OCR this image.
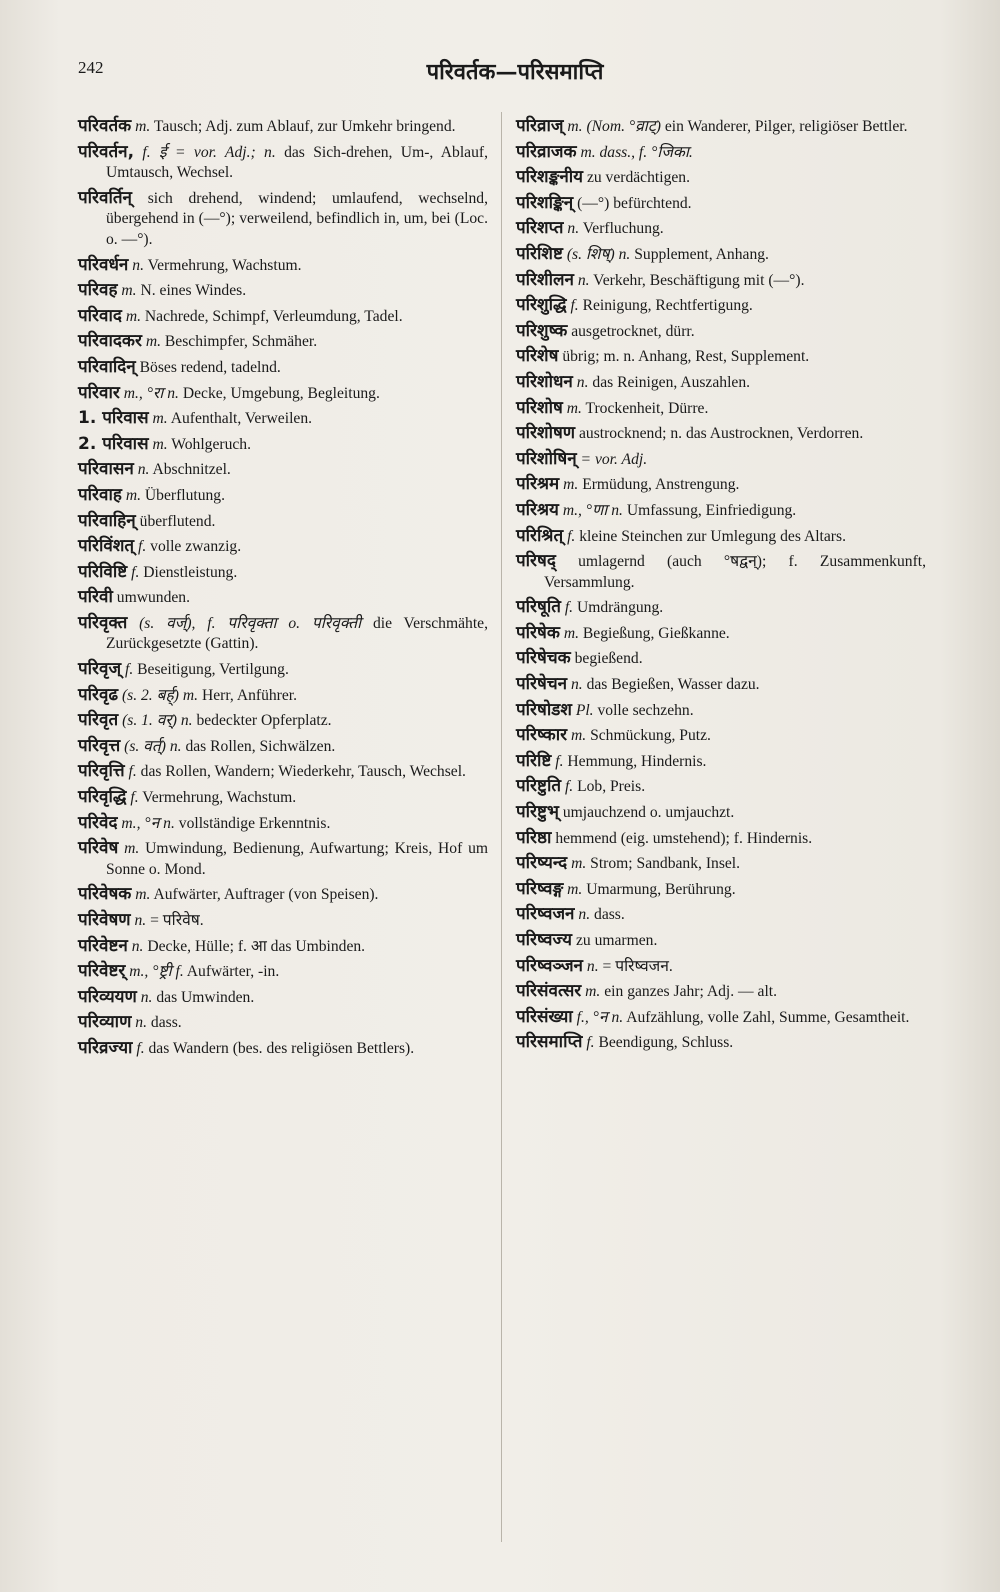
242	परिवर्तक—परिसमाप्ति

परिवर्तक m. Tausch; Adj. zum Ablauf, zur Umkehr bringend.

परिवर्तन, f. ई = vor. Adj.; n. das Sich-drehen, Um-, Ablauf, Umtausch, Wechsel.

परिवर्तिन् sich drehend, windend; umlaufend, wechselnd, übergehend in (—°); verweilend, befindlich in, um, bei (Loc. o. —°).

परिवर्धन n. Vermehrung, Wachstum.

परिवह m. N. eines Windes.

परिवाद m. Nachrede, Schimpf, Verleumdung, Tadel.

परिवादकर m. Beschimpfer, Schmäher.

परिवादिन् Böses redend, tadelnd.

परिवार m., °रा n. Decke, Umgebung, Begleitung.

1. परिवास m. Aufenthalt, Verweilen.

2. परिवास m. Wohlgeruch.

परिवासन n. Abschnitzel.

परिवाह m. Überflutung.

परिवाहिन् überflutend.

परिविंशत् f. volle zwanzig.

परिविष्टि f. Dienstleistung.

परिवी umwunden.

परिवृक्त (s. वर्ज्), f. परिवृक्ता o. परिवृक्ती die Verschmähte, Zurückgesetzte (Gattin).

परिवृज् f. Beseitigung, Vertilgung.

परिवृढ (s. 2. बर्ह्) m. Herr, Anführer.

परिवृत (s. 1. वर्) n. bedeckter Opferplatz.

परिवृत्त (s. वर्त्) n. das Rollen, Sichwälzen.

परिवृत्ति f. das Rollen, Wandern; Wiederkehr, Tausch, Wechsel.

परिवृद्धि f. Vermehrung, Wachstum.

परिवेद m., °न n. vollständige Erkenntnis.

परिवेष m. Umwindung, Bedienung, Aufwartung; Kreis, Hof um Sonne o. Mond.

परिवेषक m. Aufwärter, Auftrager (von Speisen).

परिवेषण n. = परिवेष.

परिवेष्टन n. Decke, Hülle; f. आ das Umbinden.

परिवेष्टर् m., °ष्ट्री f. Aufwärter, -in.

परिव्ययण n. das Umwinden.

परिव्याण n. dass.

परिव्रज्या f. das Wandern (bes. des religiösen Bettlers).

परिव्राज् m. (Nom. °व्राट्) ein Wanderer, Pilger, religiöser Bettler.

परिव्राजक m. dass., f. °जिका.

परिशङ्कनीय zu verdächtigen.

परिशङ्किन् (—°) befürchtend.

परिशप्त n. Verfluchung.

परिशिष्ट (s. शिष्) n. Supplement, Anhang.

परिशीलन n. Verkehr, Beschäftigung mit (—°).

परिशुद्धि f. Reinigung, Rechtfertigung.

परिशुष्क ausgetrocknet, dürr.

परिशेष übrig; m. n. Anhang, Rest, Supplement.

परिशोधन n. das Reinigen, Auszahlen.

परिशोष m. Trockenheit, Dürre.

परिशोषण austrocknend; n. das Austrocknen, Verdorren.

परिशोषिन् = vor. Adj.

परिश्रम m. Ermüdung, Anstrengung.

परिश्रय m., °णा n. Umfassung, Einfriedigung.

परिश्रित् f. kleine Steinchen zur Umlegung des Altars.

परिषद् umlagernd (auch °षद्वन्); f. Zusammenkunft, Versammlung.

परिषूति f. Umdrängung.

परिषेक m. Begießung, Gießkanne.

परिषेचक begießend.

परिषेचन n. das Begießen, Wasser dazu.

परिषोडश Pl. volle sechzehn.

परिष्कार m. Schmückung, Putz.

परिष्टि f. Hemmung, Hindernis.

परिष्टुति f. Lob, Preis.

परिष्टुभ् umjauchzend o. umjauchzt.

परिष्ठा hemmend (eig. umstehend); f. Hindernis.

परिष्यन्द m. Strom; Sandbank, Insel.

परिष्वङ्ग m. Umarmung, Berührung.

परिष्वजन n. dass.

परिष्वज्य zu umarmen.

परिष्वञ्जन n. = परिष्वजन.

परिसंवत्सर m. ein ganzes Jahr; Adj. — alt.

परिसंख्या f., °न n. Aufzählung, volle Zahl, Summe, Gesamtheit.

परिसमाप्ति f. Beendigung, Schluss.
